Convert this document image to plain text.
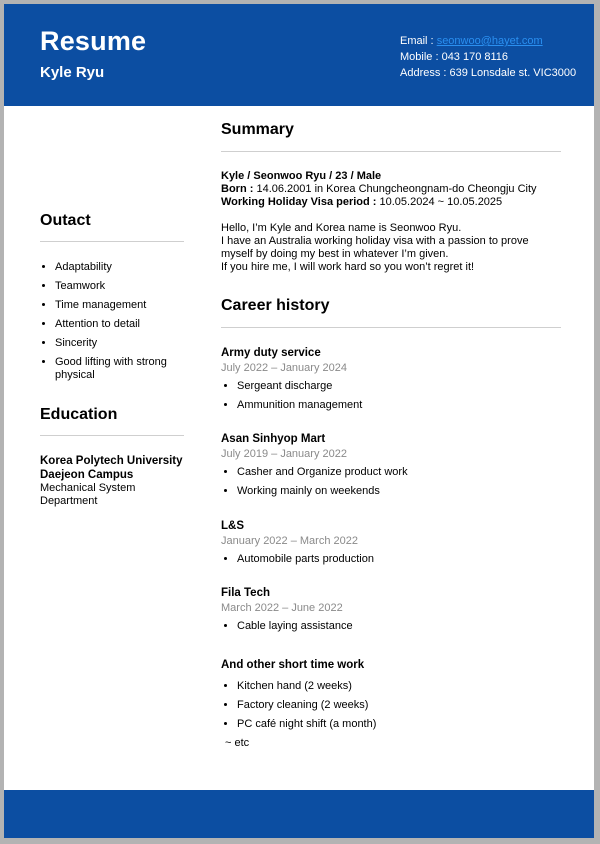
Resume
Kyle Ryu
Email : seonwoo@hayet.com
Mobile : 043 170 8116
Address : 639 Lonsdale st. VIC3000
Outact
• Adaptability
• Teamwork
• Time management
• Attention to detail
• Sincerity
• Good lifting with strong physical
Education
Korea Polytech University Daejeon Campus
Mechanical System Department
Summary

Kyle / Seonwoo Ryu / 23 / Male

Born : 14.06.2001 in Korea Chungcheongnam-do Cheongju City

Working Holiday Visa period : 10.05.2024 ~ 10.05.2025

Hello, I’m Kyle and Korea name is Seonwoo Ryu.

I have an Australia working holiday visa with a passion to prove myself by doing my best in whatever I’m given.

If you hire me, I will work hard so you won’t regret it!

Career history
Army duty service
July 2022 – January 2024
• Sergeant discharge
• Ammunition management
Asan Sinhyop Mart
July 2019 – January 2022
• Casher and Organize product work
• Working mainly on weekends
L&S
January 2022 – March 2022
• Automobile parts production
Fila Tech
March 2022 – June 2022
• Cable laying assistance
And other short time work
• Kitchen hand (2 weeks)
• Factory cleaning (2 weeks)
• PC café night shift (a month)
~ etc
